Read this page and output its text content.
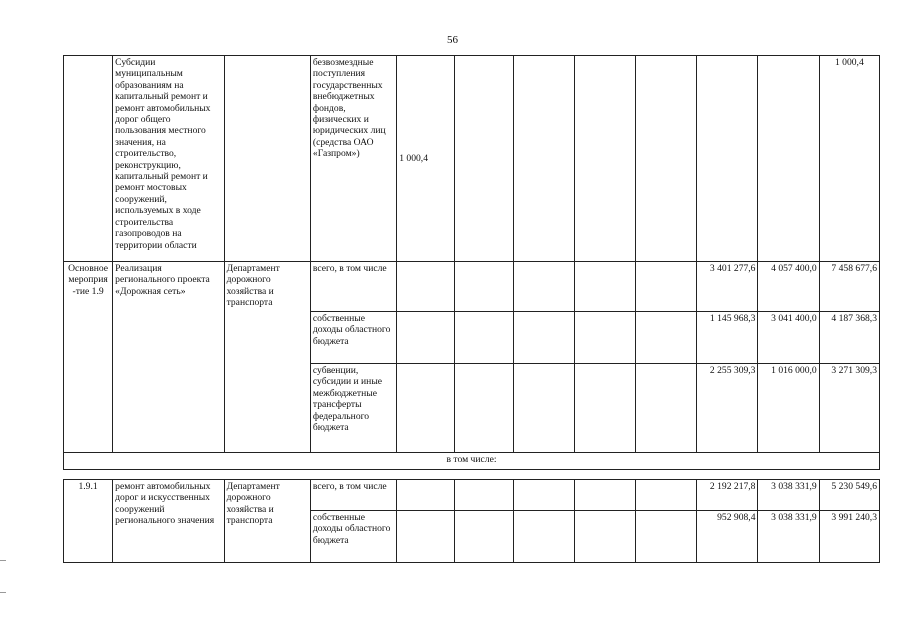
56
	Субсидии муниципальным образованиям на капитальный ремонт и ремонт автомобильных дорог общего пользования местного значения, на строительство, реконструкцию, капитальный ремонт и ремонт мостовых сооружений, используемых в ходе строительства газопроводов на территории области		безвозмездные поступления государственных внебюджетных фондов, физических и юридических лиц (средства ОАО «Газпром»)	1 000,4							1 000,4
Основное мероприя -тие 1.9	Реализация регионального проекта «Дорожная сеть»	Департамент дорожного хозяйства и транспорта	всего, в том числе						3 401 277,6	4 057 400,0	7 458 677,6
			собственные доходы областного бюджета						1 145 968,3	3 041 400,0	4 187 368,3
			субвенции, субсидии и иные межбюджетные трансферты федерального бюджета						2 255 309,3	1 016 000,0	3 271 309,3
в том числе:											

1.9.1	ремонт автомобильных дорог и искусственных сооружений регионального значения	Департамент дорожного хозяйства и транспорта	всего, в том числе						2 192 217,8	3 038 331,9	5 230 549,6
			собственные доходы областного бюджета						952 908,4	3 038 331,9	3 991 240,3
